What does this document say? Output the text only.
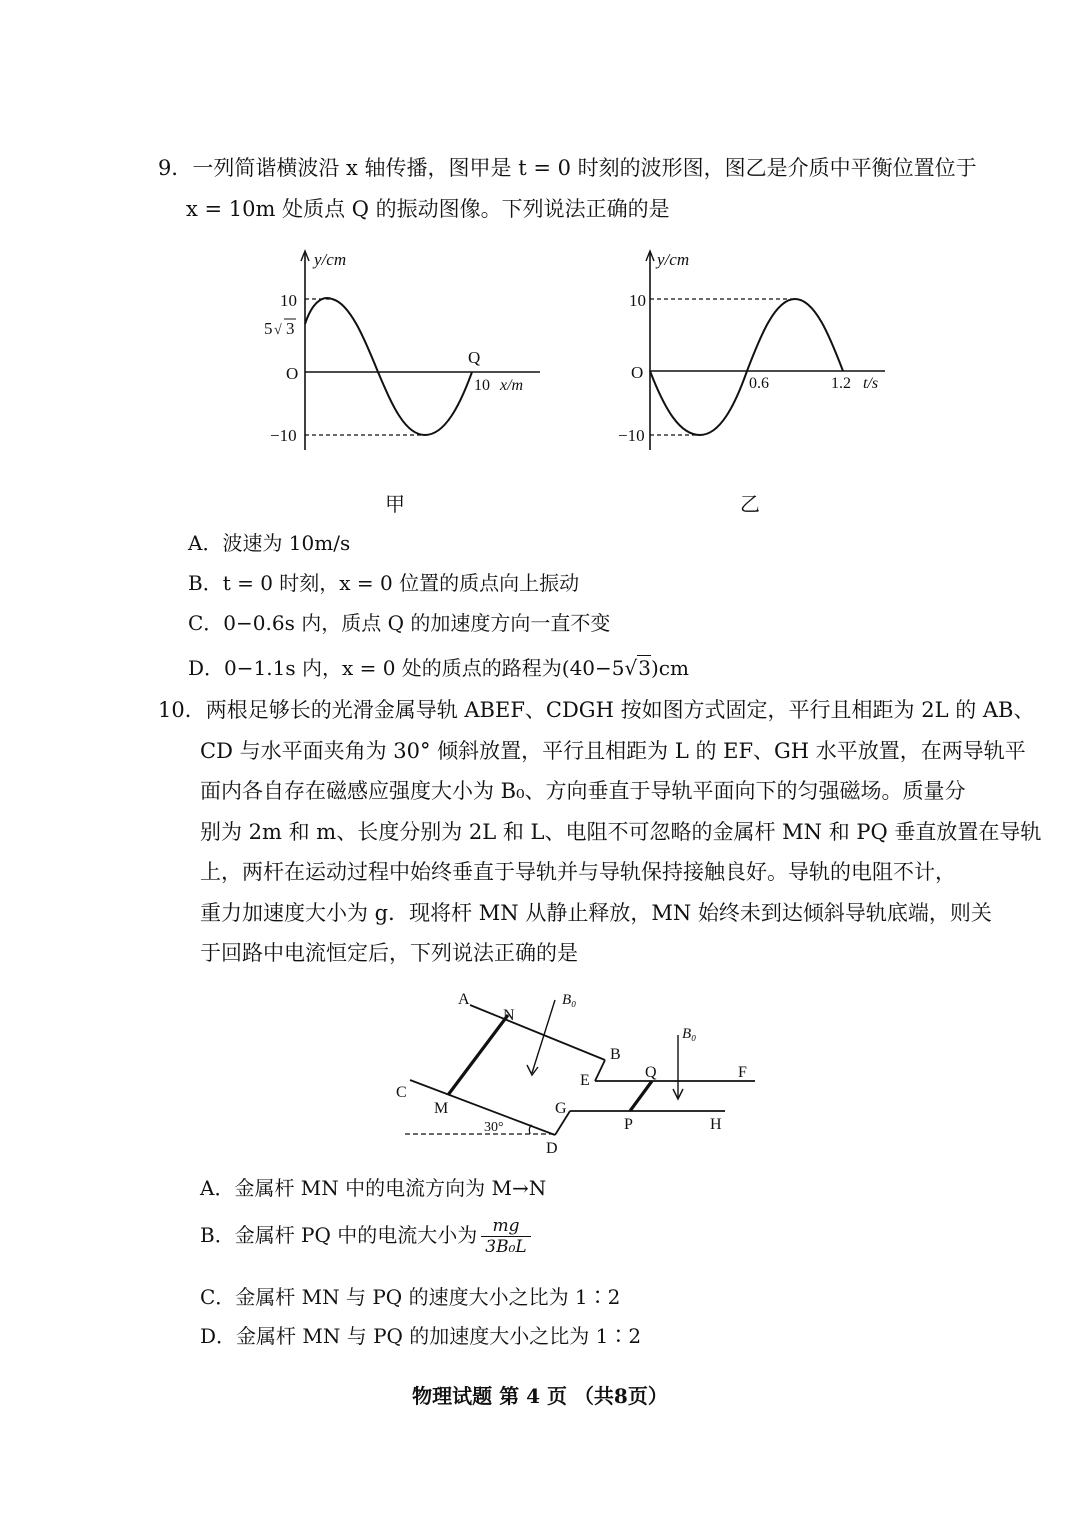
9．一列简谐横波沿 x 轴传播，图甲是 t = 0 时刻的波形图，图乙是介质中平衡位置位于
x = 10m 处质点 Q 的振动图像。下列说法正确的是
10
5 √ 3
O
−10
y/cm
Q
10 x/m
甲
10
O
−10
y/cm
0.6	1.2 t/s
乙
A．波速为 10m/s
B．t = 0 时刻，x = 0 位置的质点向上振动
C．0−0.6s 内，质点 Q 的加速度方向一直不变
D．0−1.1s 内，x = 0 处的质点的路程为(40−5√3)cm
10．两根足够长的光滑金属导轨 ABEF、CDGH 按如图方式固定，平行且相距为 2L 的 AB、
CD 与水平面夹角为 30° 倾斜放置，平行且相距为 L 的 EF、GH 水平放置，在两导轨平
面内各自存在磁感应强度大小为 B₀、方向垂直于导轨平面向下的匀强磁场。质量分
别为 2m 和 m、长度分别为 2L 和 L、电阻不可忽略的金属杆 MN 和 PQ 垂直放置在导轨
上，两杆在运动过程中始终垂直于导轨并与导轨保持接触良好。导轨的电阻不计，
重力加速度大小为 g．现将杆 MN 从静止释放，MN 始终未到达倾斜导轨底端，则关
于回路中电流恒定后，下列说法正确的是
A
N
B₀
B
E	Q
B₀
F
C
M
30°
G
D
P	H
A．金属杆 MN 中的电流方向为 M→N
B．金属杆 PQ 中的电流大小为 $\frac{mg}{\text{3B₀L}}$
C．金属杆 MN 与 PQ 的速度大小之比为 1∶2
D．金属杆 MN 与 PQ 的加速度大小之比为 1∶2
物理试题 第 4 页 （共8页）
